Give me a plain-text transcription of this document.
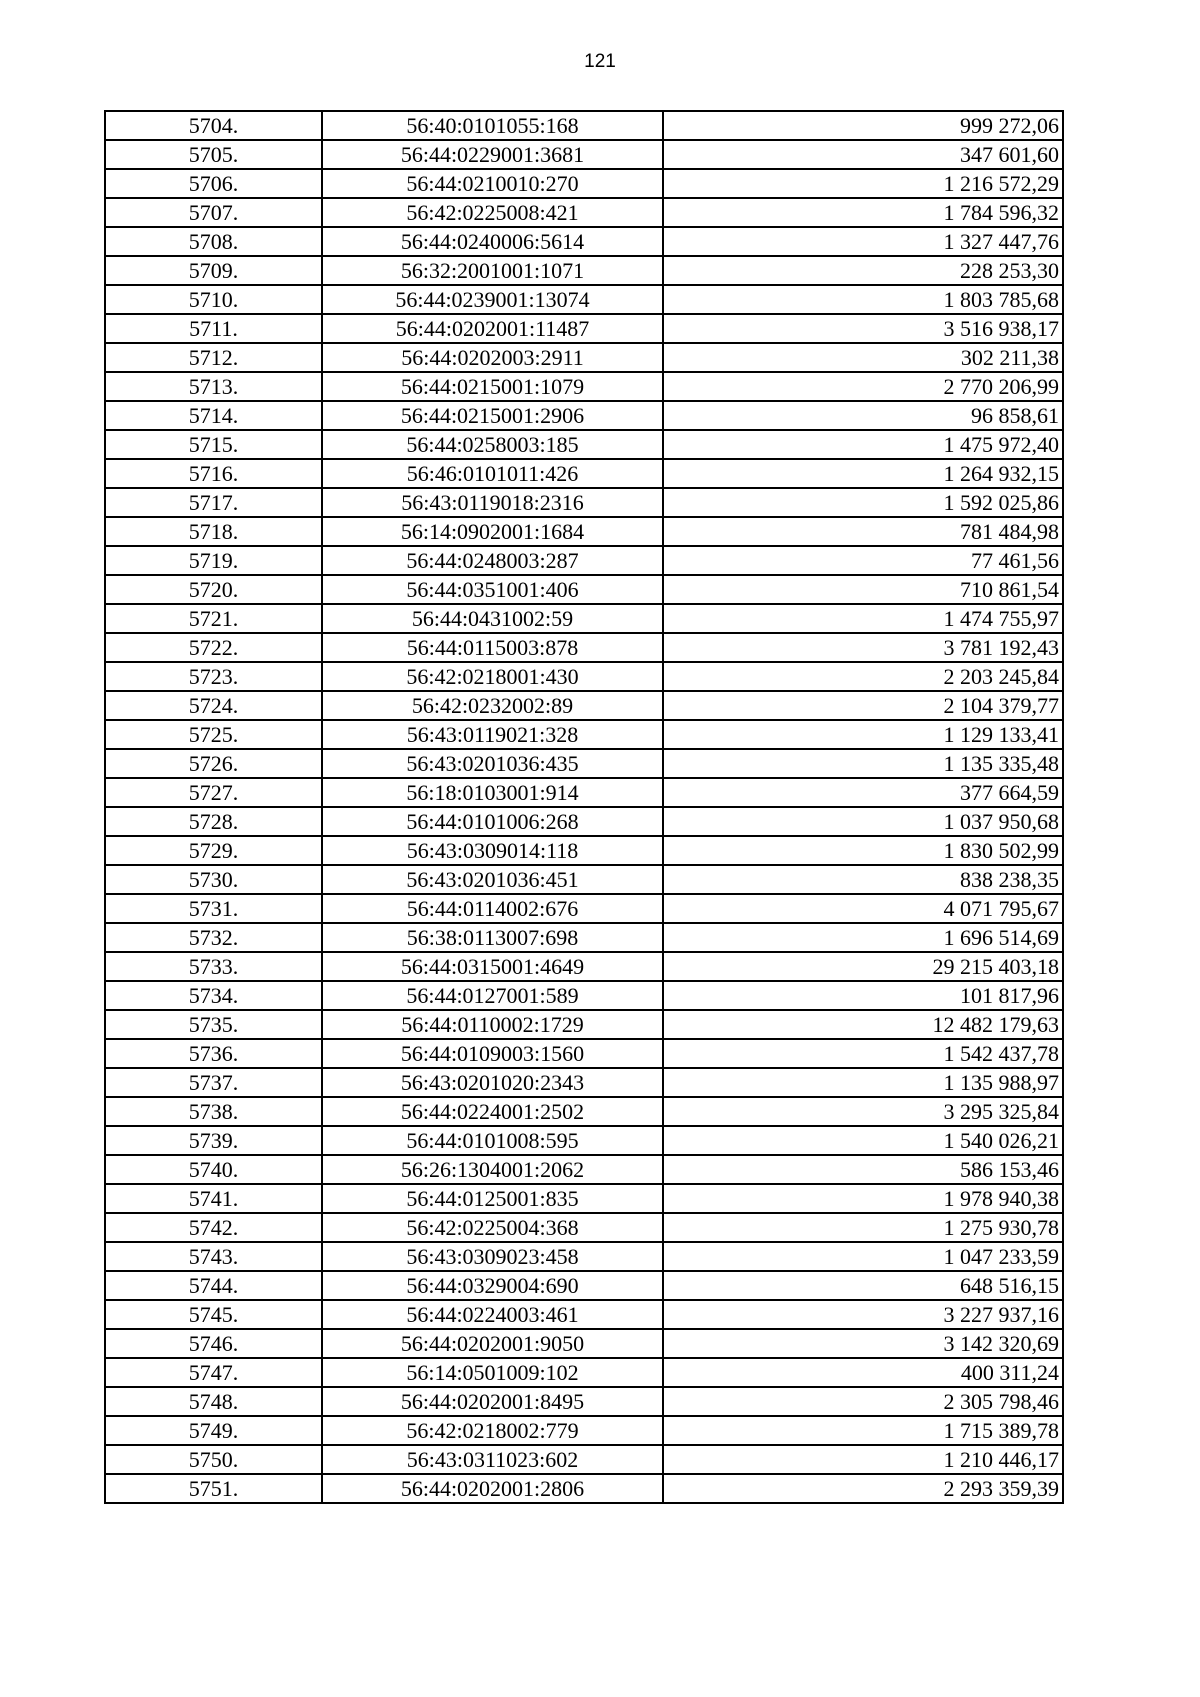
121
5704.	56:40:0101055:168	999 272,06
5705.	56:44:0229001:3681	347 601,60
5706.	56:44:0210010:270	1 216 572,29
5707.	56:42:0225008:421	1 784 596,32
5708.	56:44:0240006:5614	1 327 447,76
5709.	56:32:2001001:1071	228 253,30
5710.	56:44:0239001:13074	1 803 785,68
5711.	56:44:0202001:11487	3 516 938,17
5712.	56:44:0202003:2911	302 211,38
5713.	56:44:0215001:1079	2 770 206,99
5714.	56:44:0215001:2906	96 858,61
5715.	56:44:0258003:185	1 475 972,40
5716.	56:46:0101011:426	1 264 932,15
5717.	56:43:0119018:2316	1 592 025,86
5718.	56:14:0902001:1684	781 484,98
5719.	56:44:0248003:287	77 461,56
5720.	56:44:0351001:406	710 861,54
5721.	56:44:0431002:59	1 474 755,97
5722.	56:44:0115003:878	3 781 192,43
5723.	56:42:0218001:430	2 203 245,84
5724.	56:42:0232002:89	2 104 379,77
5725.	56:43:0119021:328	1 129 133,41
5726.	56:43:0201036:435	1 135 335,48
5727.	56:18:0103001:914	377 664,59
5728.	56:44:0101006:268	1 037 950,68
5729.	56:43:0309014:118	1 830 502,99
5730.	56:43:0201036:451	838 238,35
5731.	56:44:0114002:676	4 071 795,67
5732.	56:38:0113007:698	1 696 514,69
5733.	56:44:0315001:4649	29 215 403,18
5734.	56:44:0127001:589	101 817,96
5735.	56:44:0110002:1729	12 482 179,63
5736.	56:44:0109003:1560	1 542 437,78
5737.	56:43:0201020:2343	1 135 988,97
5738.	56:44:0224001:2502	3 295 325,84
5739.	56:44:0101008:595	1 540 026,21
5740.	56:26:1304001:2062	586 153,46
5741.	56:44:0125001:835	1 978 940,38
5742.	56:42:0225004:368	1 275 930,78
5743.	56:43:0309023:458	1 047 233,59
5744.	56:44:0329004:690	648 516,15
5745.	56:44:0224003:461	3 227 937,16
5746.	56:44:0202001:9050	3 142 320,69
5747.	56:14:0501009:102	400 311,24
5748.	56:44:0202001:8495	2 305 798,46
5749.	56:42:0218002:779	1 715 389,78
5750.	56:43:0311023:602	1 210 446,17
5751.	56:44:0202001:2806	2 293 359,39
